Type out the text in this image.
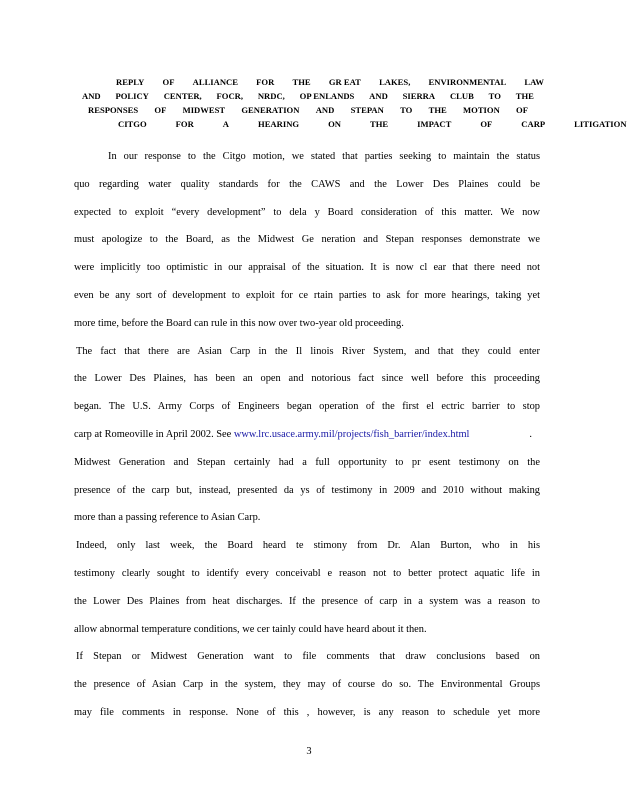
REPLY OF ALLIANCE FOR THE GR EAT LAKES, ENVIRONMENTAL LAW
AND POLICY CENTER, FOCR, NRDC, OP ENLANDS AND SIERRA CLUB TO THE
RESPONSES OF MIDWEST GENERATION AND STEPAN TO THE MOTION OF
CITGO	FOR	A	HEARING	ON	THE	IMPACT	OF	CARP	LITIGATION
In our response to the Citgo motion, we stated that parties seeking to maintain the status
quo regarding water quality standards for the CAWS and the Lower Des Plaines could be
expected to exploit “every development” to dela y Board consideration of this matter. We now
must apologize to the Board, as the Midwest Ge neration and Stepan responses demonstrate we
were implicitly too optimistic in our appraisal of the situation. It is now cl ear that there need not
even be any sort of development to exploit for ce rtain parties to ask for more hearings, taking yet
more time, before the Board can rule in this now over two-year old proceeding.
The fact that there are Asian Carp in the Il linois River System, and that they could enter
the Lower Des Plaines, has been an open and notorious fact since well before this proceeding
began. The U.S. Army Corps of Engineers began operation of the first el ectric barrier to stop
carp at Romeoville in April 2002. See www.lrc.usace.army.mil/projects/fish_barrier/index.html	.
Midwest Generation and Stepan certainly had a full opportunity to pr esent testimony on the
presence of the carp but, instead, presented da ys of testimony in 2009 and 2010 without making
more than a passing reference to Asian Carp.
Indeed, only last week, the Board heard te stimony from Dr. Alan Burton, who in his
testimony clearly sought to identify every conceivabl e reason not to better protect aquatic life in
the Lower Des Plaines from heat discharges. If the presence of carp in a system was a reason to
allow abnormal temperature conditions, we cer tainly could have heard about it then.
If Stepan or Midwest Generation want to file comments that draw conclusions based on
the presence of Asian Carp in the system, they may of course do so. The Environmental Groups
may file comments in response. None of this , however, is any reason to schedule yet more
3
